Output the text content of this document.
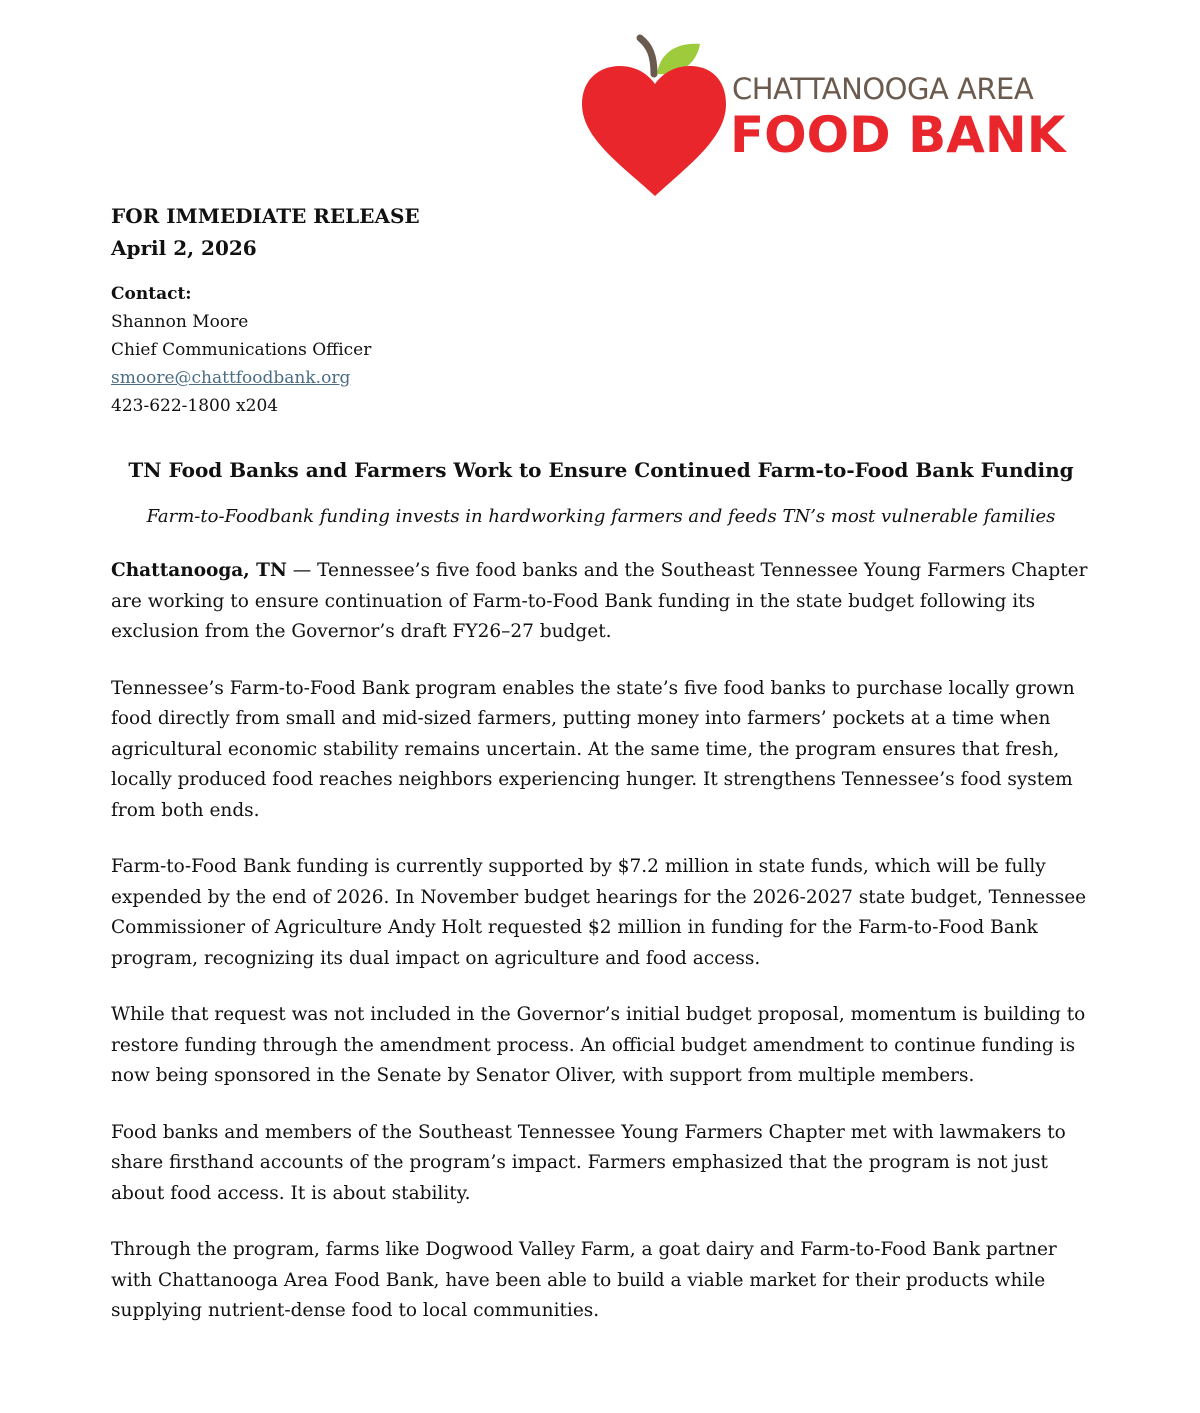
CHATTANOOGA AREA
FOOD BANK
FOR IMMEDIATE RELEASE
April 2, 2026
Contact:
Shannon Moore
Chief Communications Officer
smoore@chattfoodbank.org
423-622-1800 x204
TN Food Banks and Farmers Work to Ensure Continued Farm-to-Food Bank Funding
Farm-to-Foodbank funding invests in hardworking farmers and feeds TN’s most vulnerable families
Chattanooga, TN — Tennessee’s five food banks and the Southeast Tennessee Young Farmers Chapter are working to ensure continuation of Farm-to-Food Bank funding in the state budget following its exclusion from the Governor’s draft FY26–27 budget.
Tennessee’s Farm-to-Food Bank program enables the state’s five food banks to purchase locally grown food directly from small and mid-sized farmers, putting money into farmers’ pockets at a time when agricultural economic stability remains uncertain. At the same time, the program ensures that fresh, locally produced food reaches neighbors experiencing hunger. It strengthens Tennessee’s food system from both ends.
Farm-to-Food Bank funding is currently supported by $7.2 million in state funds, which will be fully expended by the end of 2026. In November budget hearings for the 2026-2027 state budget, Tennessee Commissioner of Agriculture Andy Holt requested $2 million in funding for the Farm-to-Food Bank program, recognizing its dual impact on agriculture and food access.
While that request was not included in the Governor’s initial budget proposal, momentum is building to restore funding through the amendment process. An official budget amendment to continue funding is now being sponsored in the Senate by Senator Oliver, with support from multiple members.
Food banks and members of the Southeast Tennessee Young Farmers Chapter met with lawmakers to share firsthand accounts of the program’s impact. Farmers emphasized that the program is not just about food access. It is about stability.
Through the program, farms like Dogwood Valley Farm, a goat dairy and Farm-to-Food Bank partner with Chattanooga Area Food Bank, have been able to build a viable market for their products while supplying nutrient-dense food to local communities.
